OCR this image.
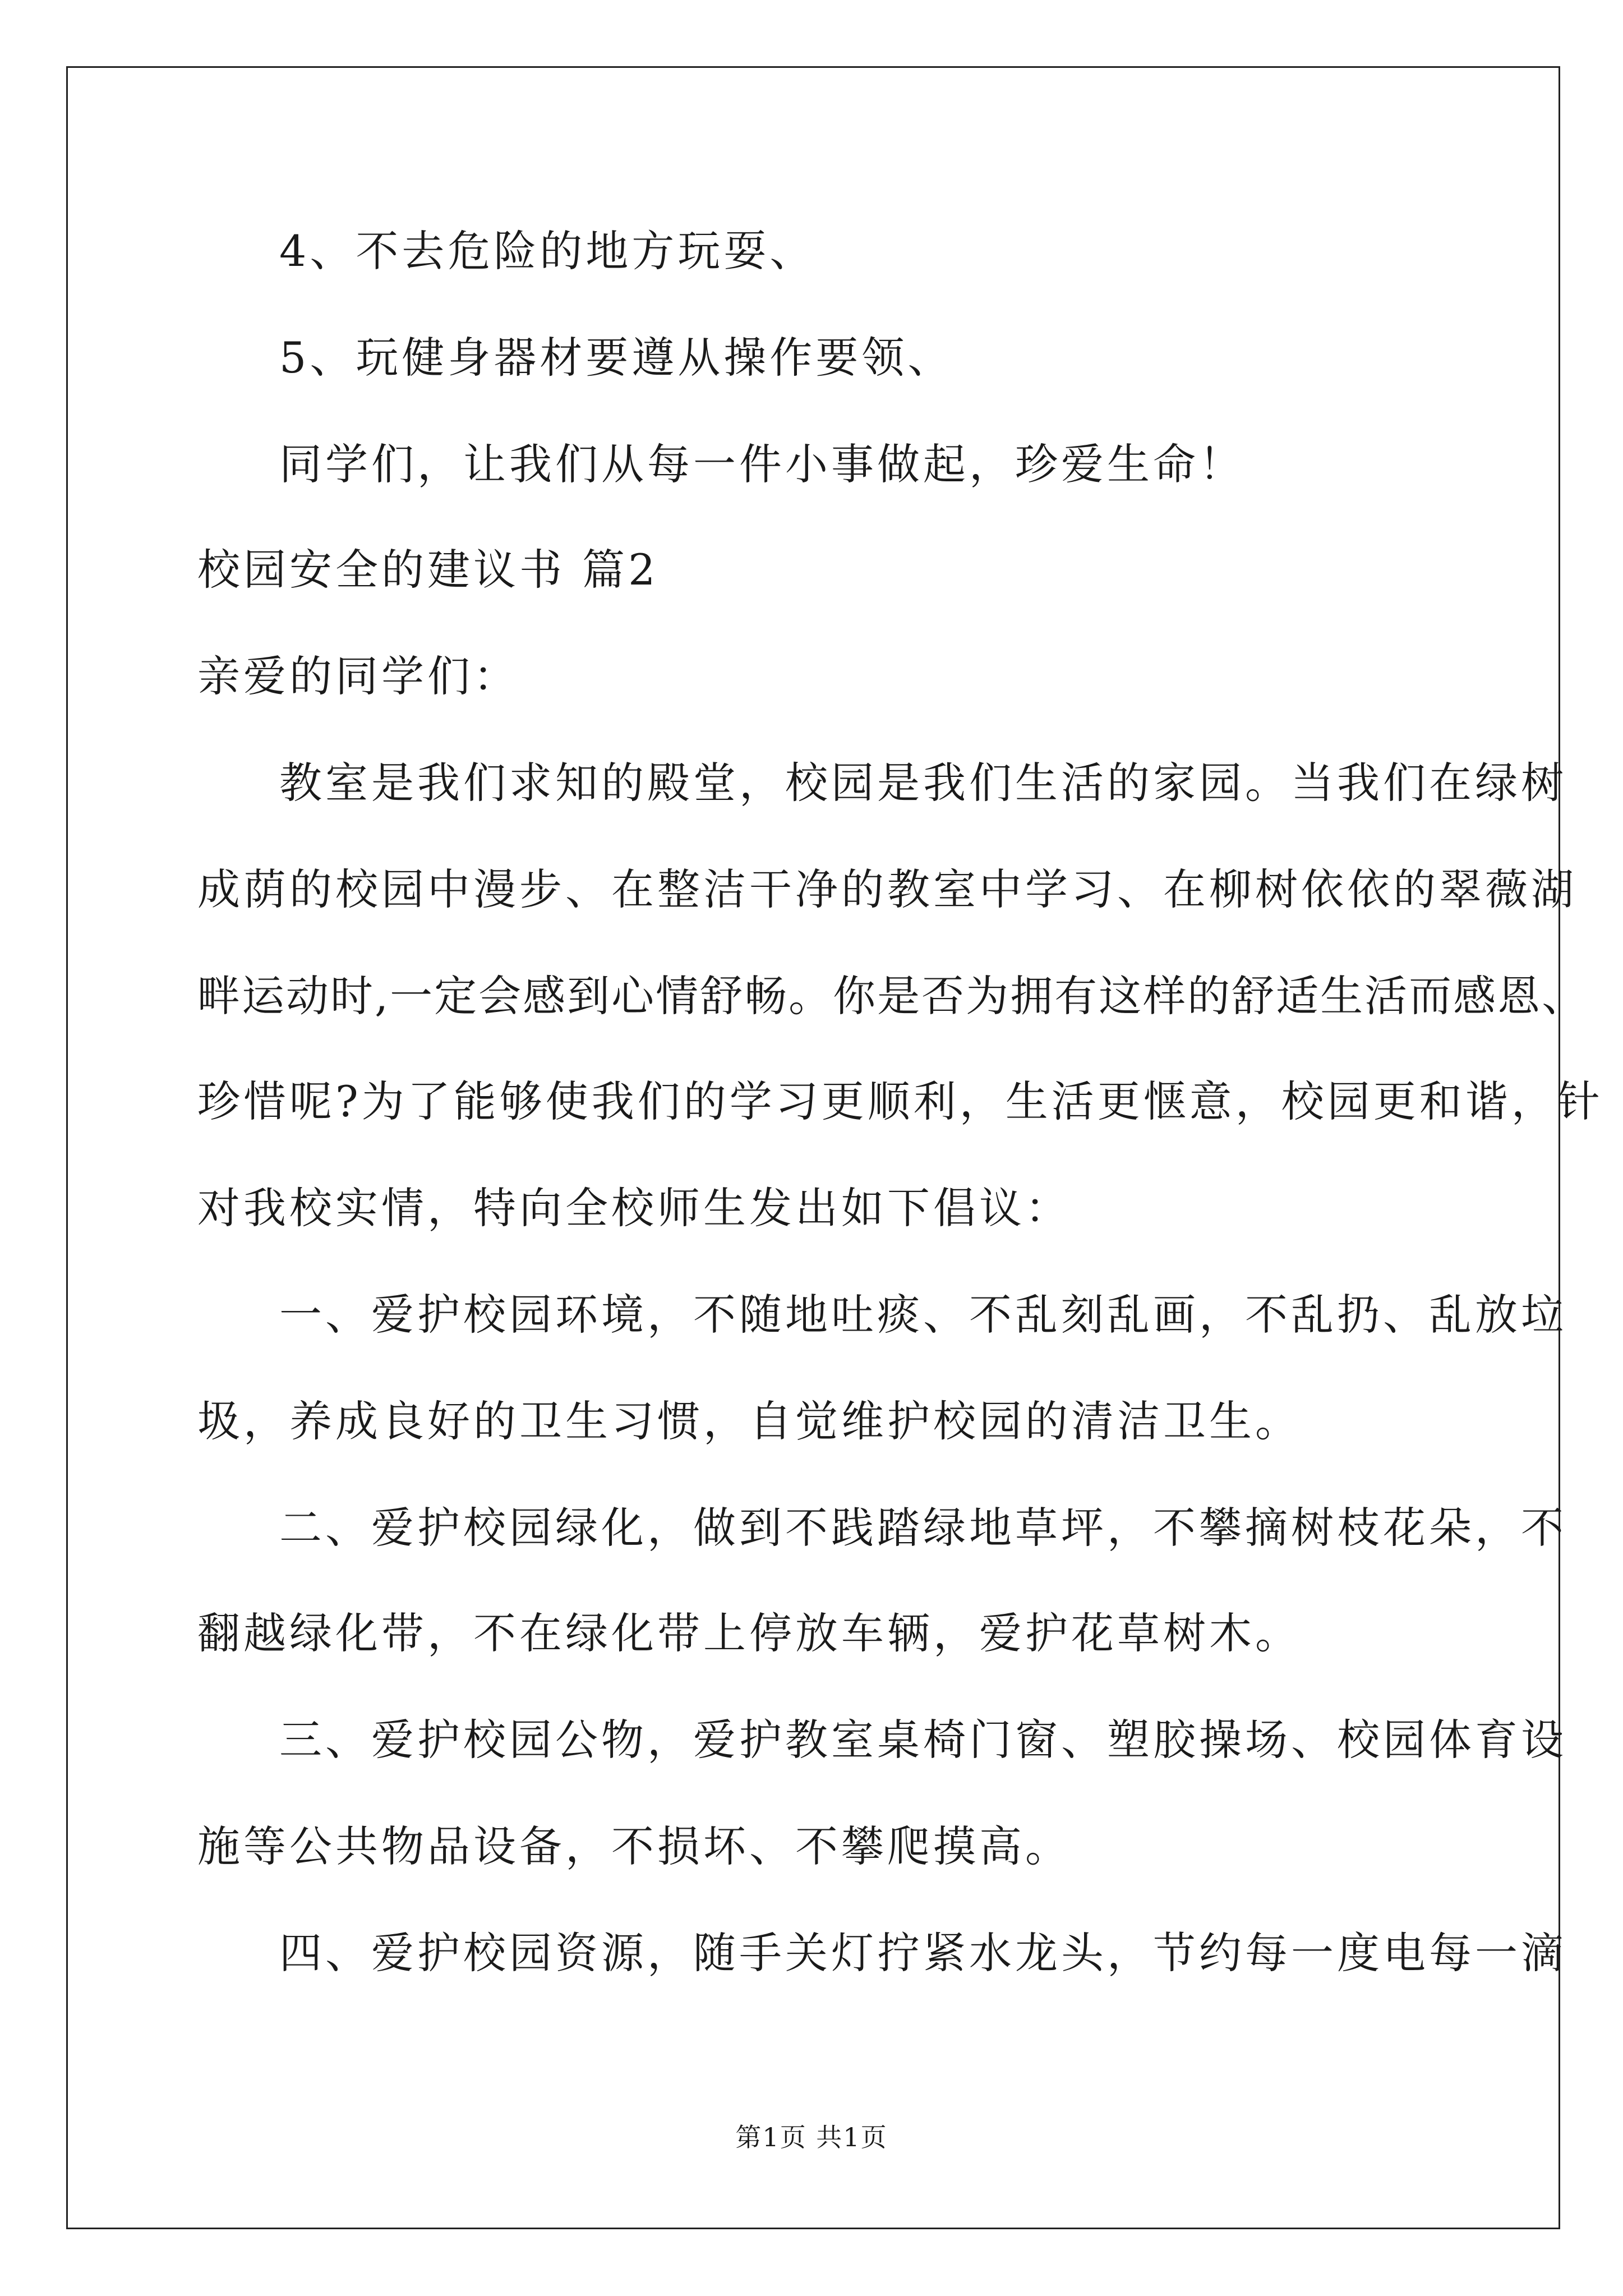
4、不去危险的地方玩耍、
5、玩健身器材要遵从操作要领、
同学们，让我们从每一件小事做起，珍爱生命！
校园安全的建议书 篇2
亲爱的同学们：
教室是我们求知的殿堂，校园是我们生活的家园。当我们在绿树
成荫的校园中漫步、在整洁干净的教室中学习、在柳树依依的翠薇湖
畔运动时,一定会感到心情舒畅。你是否为拥有这样的舒适生活而感恩、
珍惜呢?为了能够使我们的学习更顺利，生活更惬意，校园更和谐，针
对我校实情，特向全校师生发出如下倡议：
一、爱护校园环境，不随地吐痰、不乱刻乱画，不乱扔、乱放垃
圾，养成良好的卫生习惯，自觉维护校园的清洁卫生。
二、爱护校园绿化，做到不践踏绿地草坪，不攀摘树枝花朵，不
翻越绿化带，不在绿化带上停放车辆，爱护花草树木。
三、爱护校园公物，爱护教室桌椅门窗、塑胶操场、校园体育设
施等公共物品设备，不损坏、不攀爬摸高。
四、爱护校园资源，随手关灯拧紧水龙头，节约每一度电每一滴
第1页 共1页
